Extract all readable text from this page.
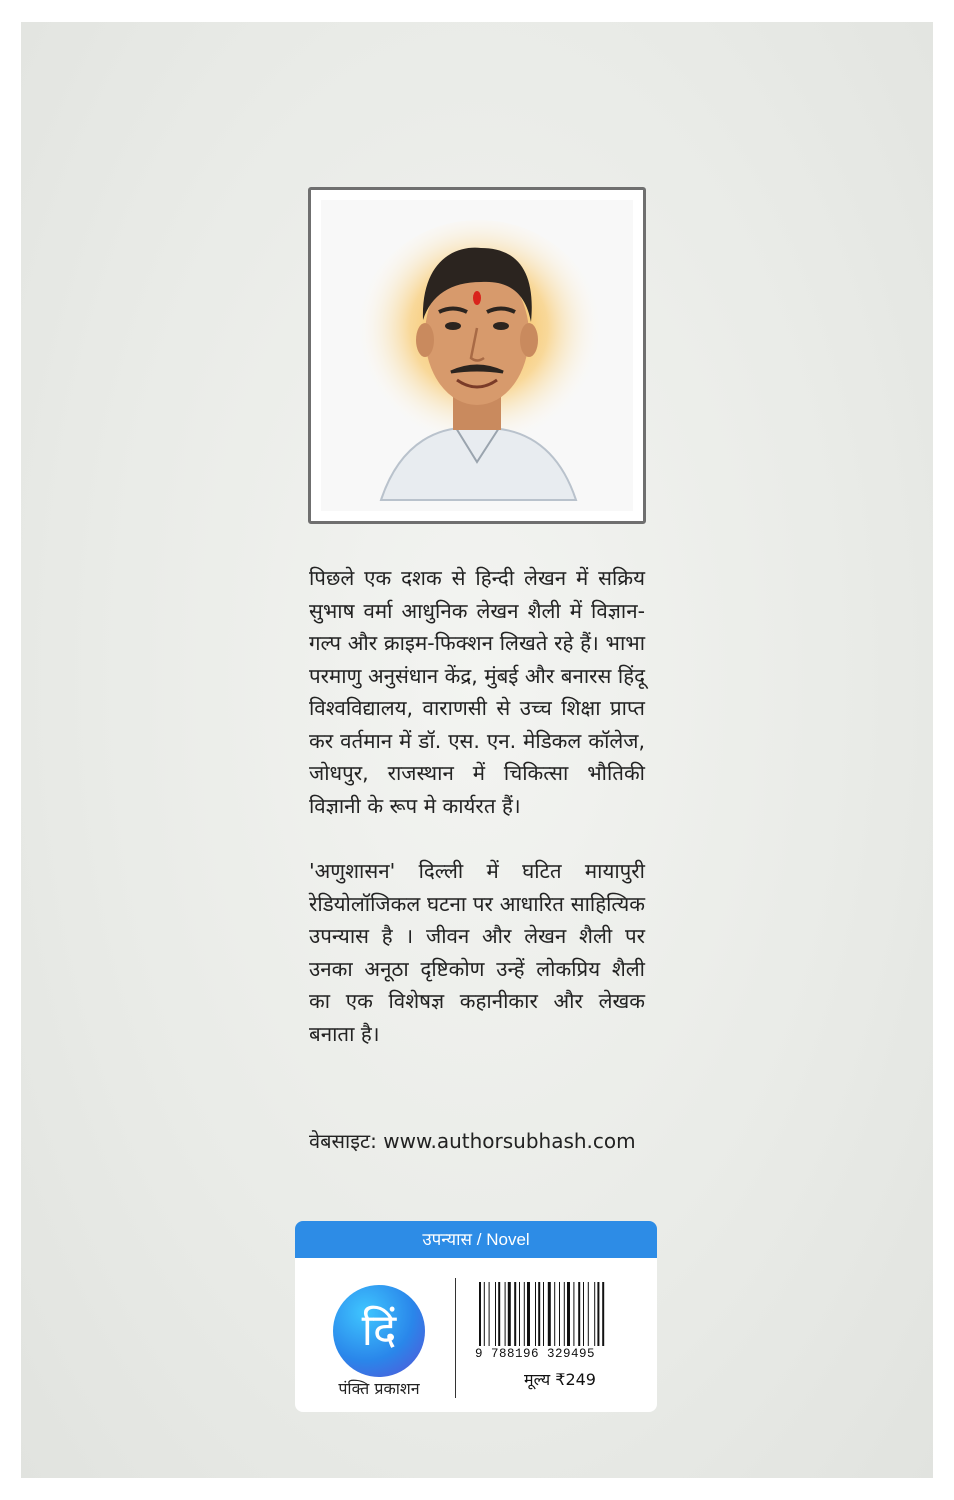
पिछले एक दशक से हिन्दी लेखन में सक्रिय सुभाष वर्मा आधुनिक लेखन शैली में विज्ञान-गल्प और क्राइम-फिक्शन लिखते रहे हैं। भाभा परमाणु अनुसंधान केंद्र, मुंबई और बनारस हिंदू विश्वविद्यालय, वाराणसी से उच्च शिक्षा प्राप्त कर वर्तमान में डॉ. एस. एन. मेडिकल कॉलेज, जोधपुर, राजस्थान में चिकित्सा भौतिकी विज्ञानी के रूप मे कार्यरत हैं।

'अणुशासन' दिल्ली में घटित मायापुरी रेडियोलॉजिकल घटना पर आधारित साहित्यिक उपन्यास है । जीवन और लेखन शैली पर उनका अनूठा दृष्टिकोण उन्हें लोकप्रिय शैली का एक विशेषज्ञ कहानीकार और लेखक बनाता है।

वेबसाइट: www.authorsubhash.com
उपन्यास / Novel
दिं
पंक्ति प्रकाशन
9 788196 329495
मूल्य ₹249
